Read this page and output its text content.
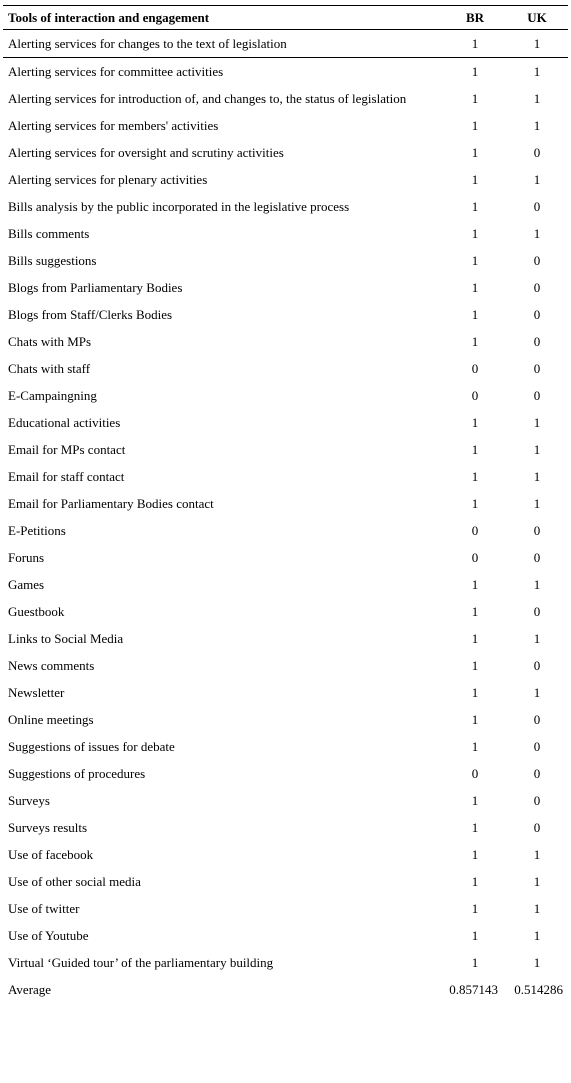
Tools of interaction and engagement	BR	UK
Alerting services for changes to the text of legislation	1	1
Alerting services for committee activities	1	1
Alerting services for introduction of, and changes to, the status of legislation	1	1
Alerting services for members' activities	1	1
Alerting services for oversight and scrutiny activities	1	0
Alerting services for plenary activities	1	1
Bills analysis by the public incorporated in the legislative process	1	0
Bills comments	1	1
Bills suggestions	1	0
Blogs from Parliamentary Bodies	1	0
Blogs from Staff/Clerks Bodies	1	0
Chats with MPs	1	0
Chats with staff	0	0
E-Campaingning	0	0
Educational activities	1	1
Email for MPs contact	1	1
Email for staff contact	1	1
Email for Parliamentary Bodies contact	1	1
E-Petitions	0	0
Foruns	0	0
Games	1	1
Guestbook	1	0
Links to Social Media	1	1
News comments	1	0
Newsletter	1	1
Online meetings	1	0
Suggestions of issues for debate	1	0
Suggestions of procedures	0	0
Surveys	1	0
Surveys results	1	0
Use of facebook	1	1
Use of other social media	1	1
Use of twitter	1	1
Use of Youtube	1	1
Virtual ‘Guided tour’ of the parliamentary building	1	1
Average	0.857143	0.514286
